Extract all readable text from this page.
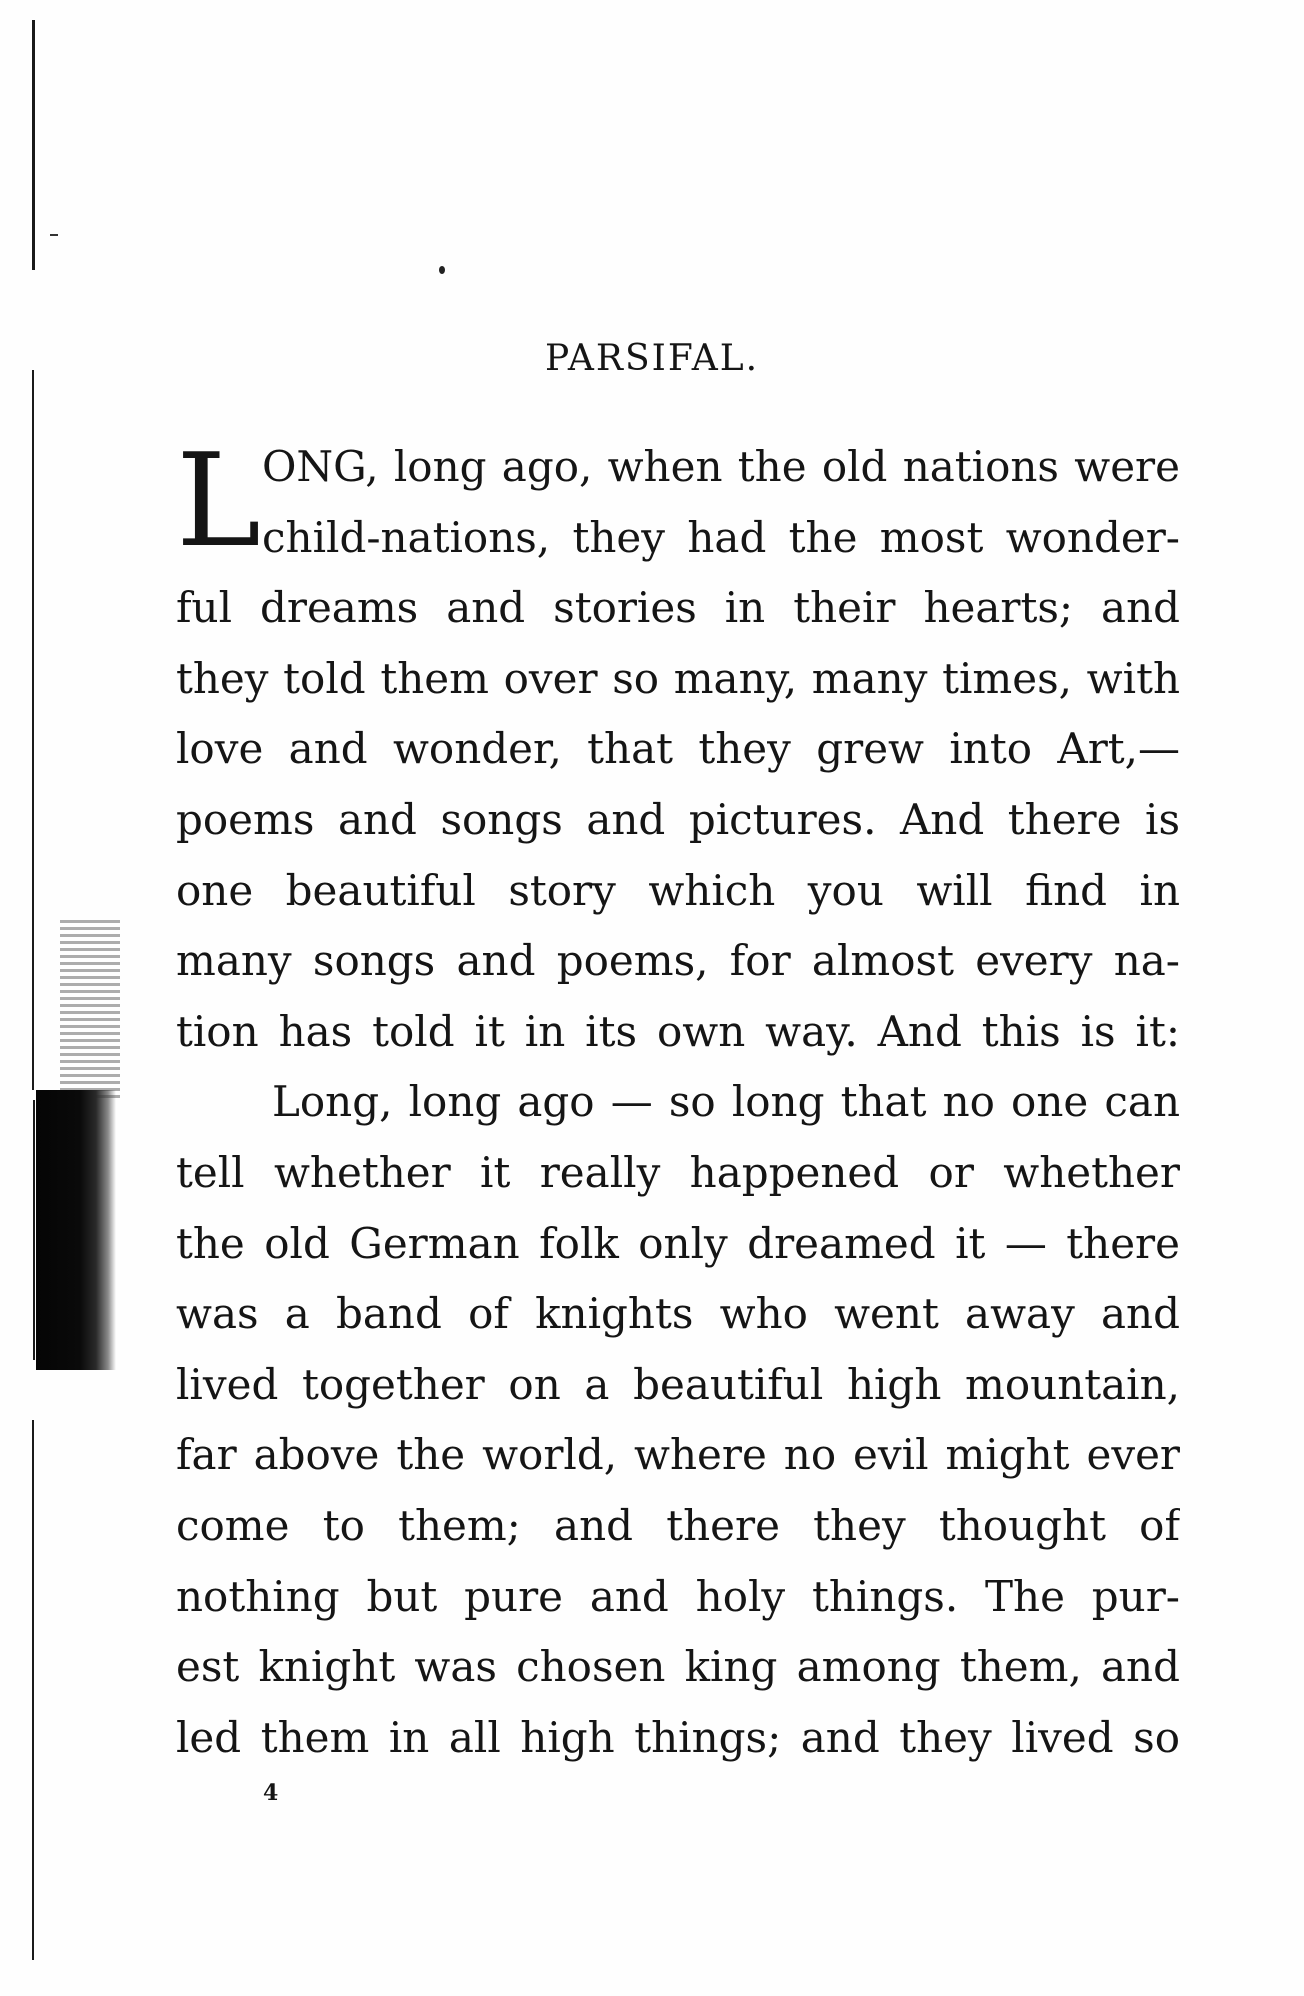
PARSIFAL.
L ONG, long ago, when the old nations were
child-nations, they had the most wonder-
ful dreams and stories in their hearts; and
they told them over so many, many times, with
love and wonder, that they grew into Art,—
poems and songs and pictures. And there is
one beautiful story which you will find in
many songs and poems, for almost every na-
tion has told it in its own way. And this is it:
Long, long ago — so long that no one can
tell whether it really happened or whether
the old German folk only dreamed it — there
was a band of knights who went away and
lived together on a beautiful high mountain,
far above the world, where no evil might ever
come to them; and there they thought of
nothing but pure and holy things. The pur-
est knight was chosen king among them, and
led them in all high things; and they lived so
4
